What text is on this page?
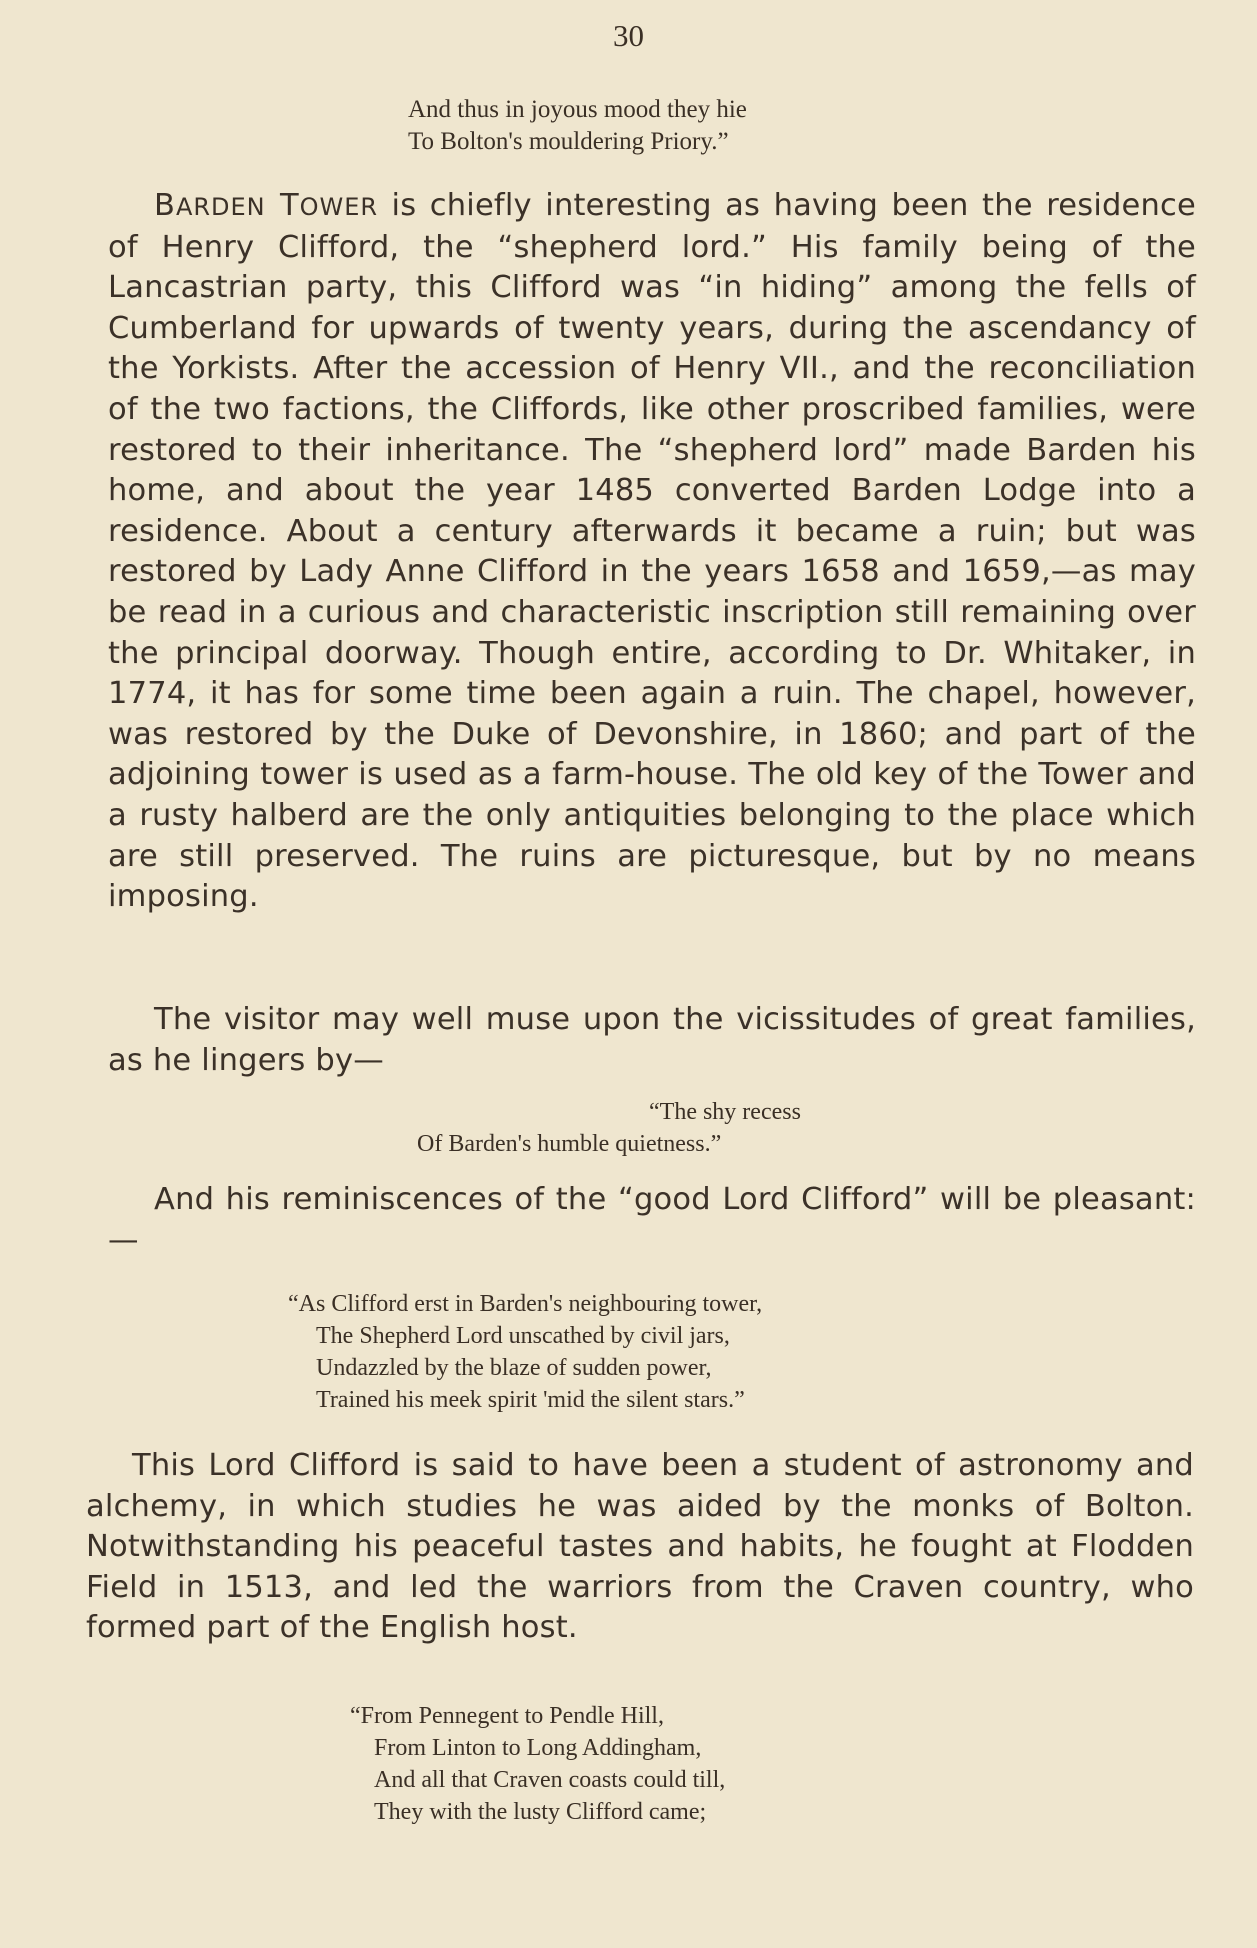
30
And thus in joyous mood they hie
To Bolton's mouldering Priory.”

BARDEN TOWER is chiefly interesting as having been the residence of Henry Clifford, the “shepherd lord.” His family being of the Lancastrian party, this Clifford was “in hiding” among the fells of Cumberland for upwards of twenty years, during the ascendancy of the Yorkists. After the accession of Henry VII., and the reconciliation of the two factions, the Cliffords, like other proscribed families, were restored to their inheritance. The “shepherd lord” made Barden his home, and about the year 1485 converted Barden Lodge into a residence. About a century afterwards it became a ruin; but was restored by Lady Anne Clifford in the years 1658 and 1659,—as may be read in a curious and characteristic inscription still remaining over the principal doorway. Though entire, according to Dr. Whitaker, in 1774, it has for some time been again a ruin. The chapel, however, was restored by the Duke of Devonshire, in 1860; and part of the adjoining tower is used as a farm-house. The old key of the Tower and a rusty halberd are the only antiquities belonging to the place which are still preserved. The ruins are picturesque, but by no means imposing.

The visitor may well muse upon the vicissitudes of great families, as he lingers by—

“The shy recess
Of Barden's humble quietness.”

And his reminiscences of the “good Lord Clifford” will be pleasant:—

“As Clifford erst in Barden's neighbouring tower,
The Shepherd Lord unscathed by civil jars,
Undazzled by the blaze of sudden power,
Trained his meek spirit 'mid the silent stars.”

This Lord Clifford is said to have been a student of astronomy and alchemy, in which studies he was aided by the monks of Bolton. Notwithstanding his peaceful tastes and habits, he fought at Flodden Field in 1513, and led the warriors from the Craven country, who formed part of the English host.

“From Pennegent to Pendle Hill,
From Linton to Long Addingham,
And all that Craven coasts could till,
They with the lusty Clifford came;
